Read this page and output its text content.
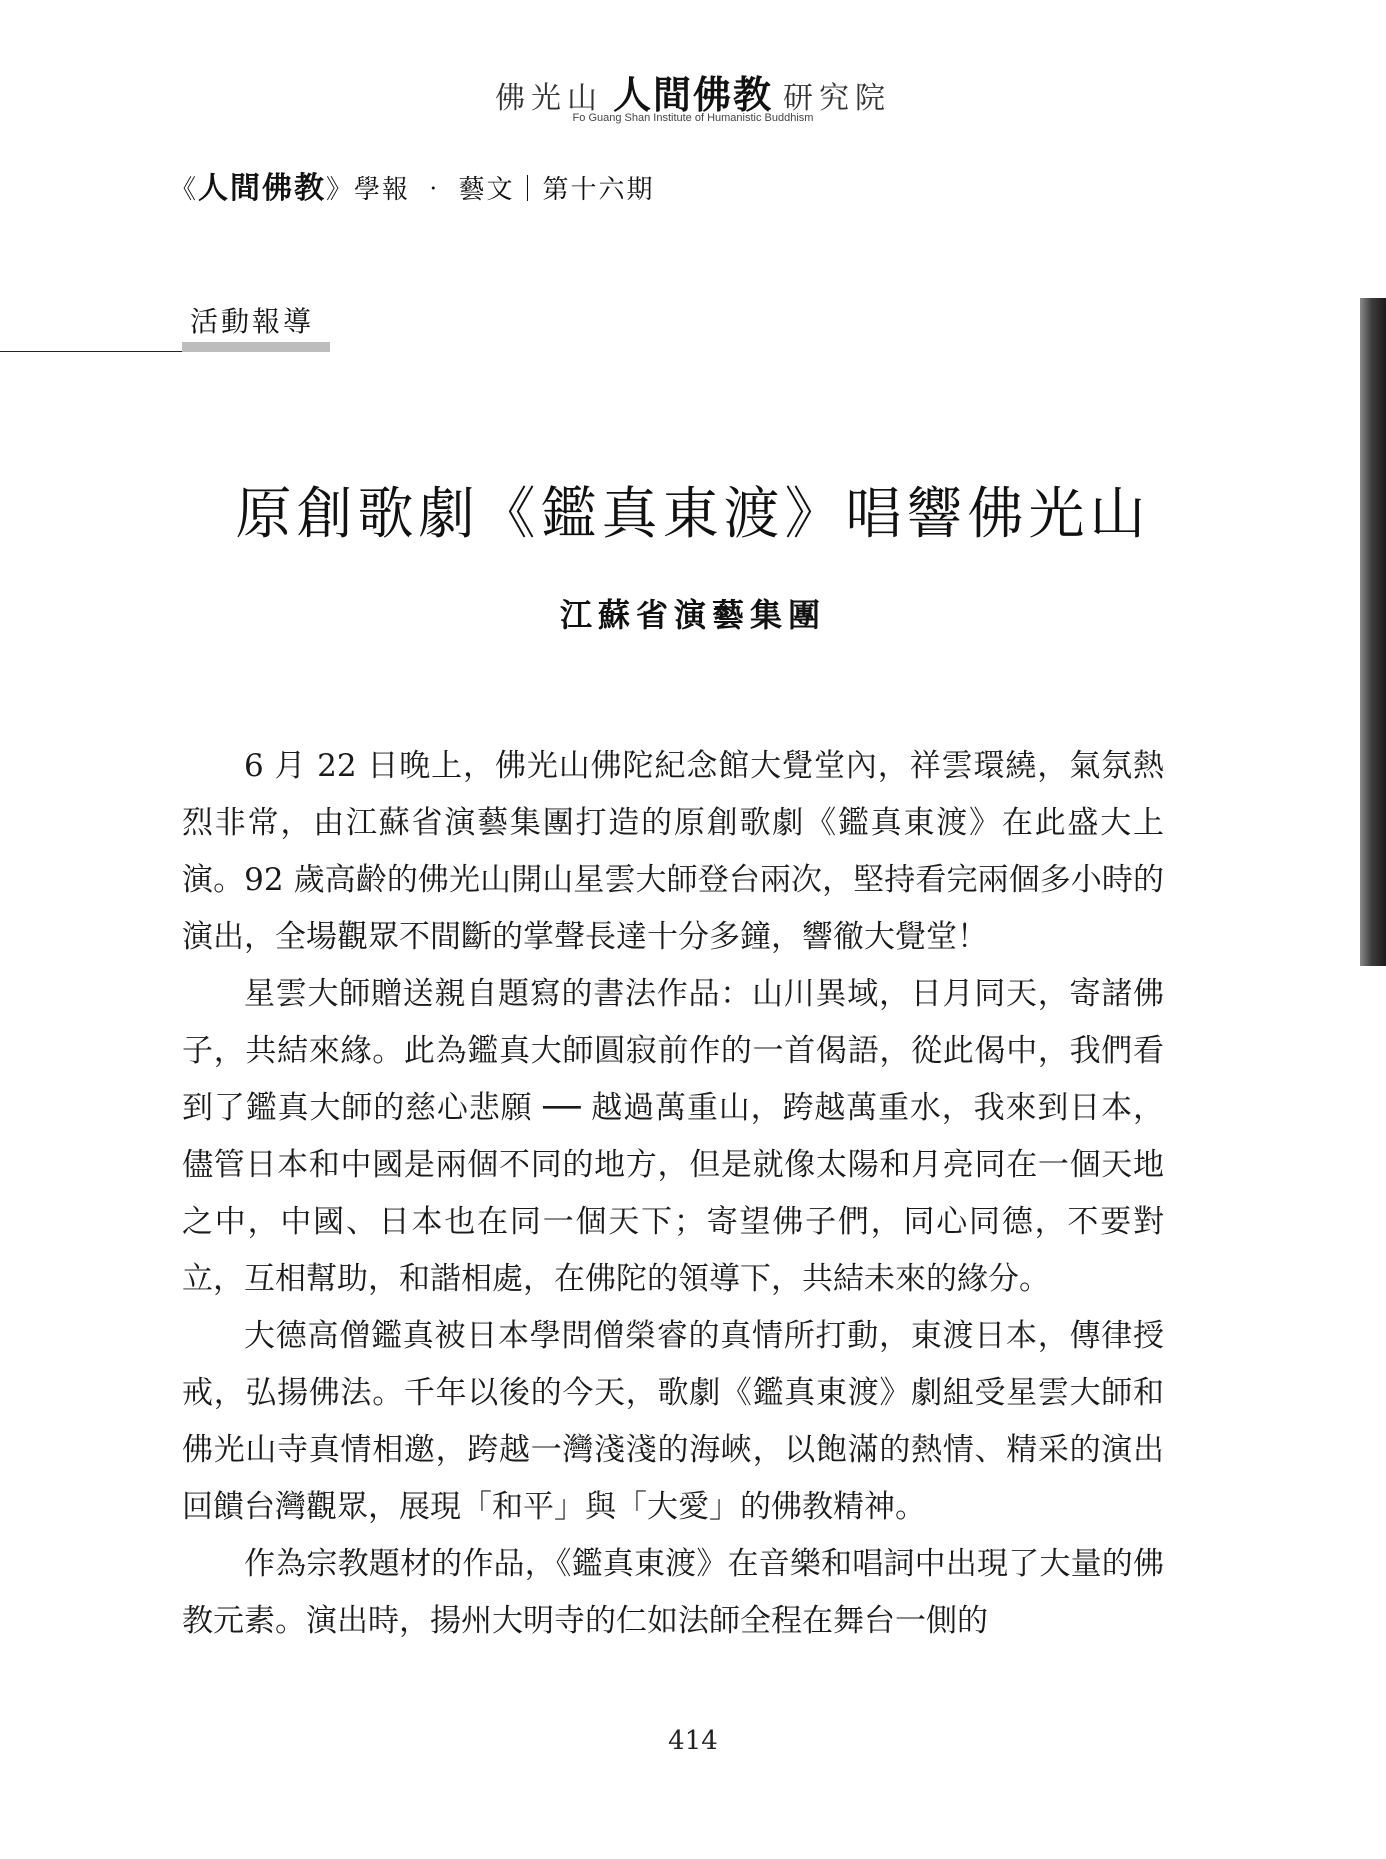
佛光山 人間佛教 研究院
Fo Guang Shan Institute of Humanistic Buddhism
《人間佛教》學報 ‧ 藝文｜第十六期
活動報導
原創歌劇《鑑真東渡》唱響佛光山
江蘇省演藝集團

6 月 22 日晚上，佛光山佛陀紀念館大覺堂內，祥雲環繞，氣氛熱烈非常，由江蘇省演藝集團打造的原創歌劇《鑑真東渡》在此盛大上演。92 歲高齡的佛光山開山星雲大師登台兩次，堅持看完兩個多小時的演出，全場觀眾不間斷的掌聲長達十分多鐘，響徹大覺堂！

星雲大師贈送親自題寫的書法作品：山川異域，日月同天，寄諸佛子，共結來緣。此為鑑真大師圓寂前作的一首偈語，從此偈中，我們看到了鑑真大師的慈心悲願 ── 越過萬重山，跨越萬重水，我來到日本，儘管日本和中國是兩個不同的地方，但是就像太陽和月亮同在一個天地之中，中國、日本也在同一個天下；寄望佛子們，同心同德，不要對立，互相幫助，和諧相處，在佛陀的領導下，共結未來的緣分。

大德高僧鑑真被日本學問僧榮睿的真情所打動，東渡日本，傳律授戒，弘揚佛法。千年以後的今天，歌劇《鑑真東渡》劇組受星雲大師和佛光山寺真情相邀，跨越一灣淺淺的海峽，以飽滿的熱情、精采的演出回饋台灣觀眾，展現「和平」與「大愛」的佛教精神。

作為宗教題材的作品，《鑑真東渡》在音樂和唱詞中出現了大量的佛教元素。演出時，揚州大明寺的仁如法師全程在舞台一側的

414
